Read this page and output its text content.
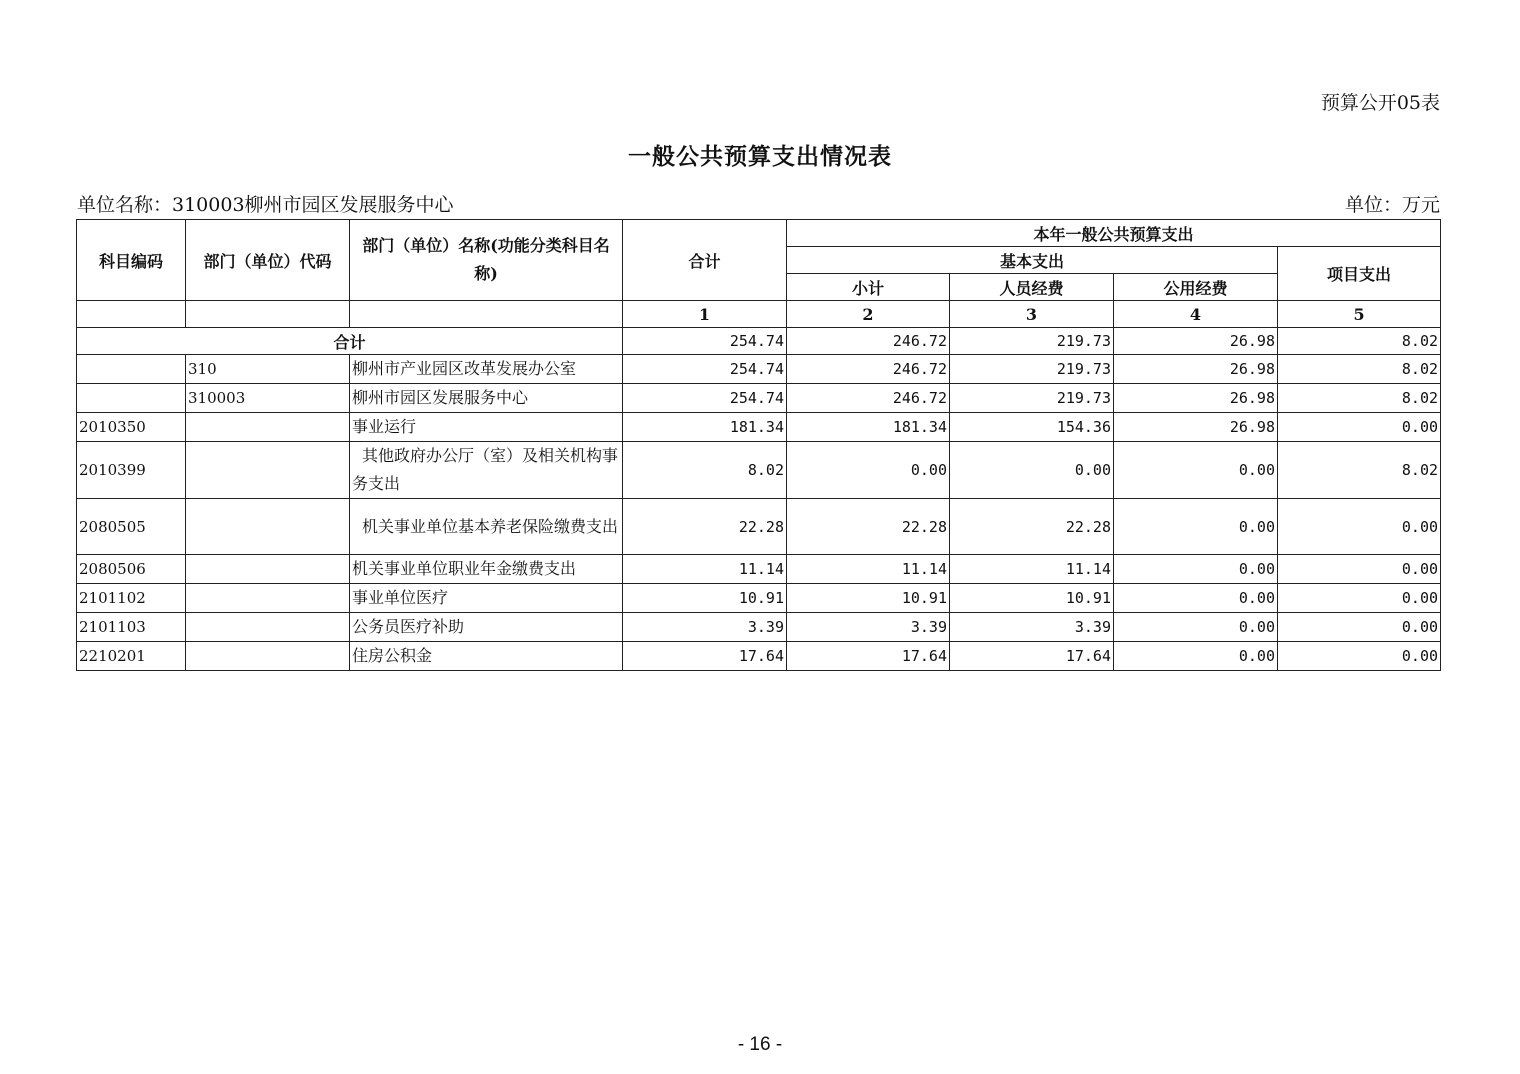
预算公开05表
一般公共预算支出情况表
单位名称：310003柳州市园区发展服务中心	单位：万元
科目编码	部门（单位）代码	部门（单位）名称(功能分类科目名称)	合计	本年一般公共预算支出			
				基本支出			项目支出
				小计	人员经费	公用经费	
			1	2	3	4	5
合计			254.74	246.72	219.73	26.98	8.02
	310	柳州市产业园区改革发展办公室	254.74	246.72	219.73	26.98	8.02
	310003	柳州市园区发展服务中心	254.74	246.72	219.73	26.98	8.02
2010350		事业运行	181.34	181.34	154.36	26.98	0.00
2010399		其他政府办公厅（室）及相关机构事务支出	8.02	0.00	0.00	0.00	8.02
2080505		机关事业单位基本养老保险缴费支出	22.28	22.28	22.28	0.00	0.00
2080506		机关事业单位职业年金缴费支出	11.14	11.14	11.14	0.00	0.00
2101102		事业单位医疗	10.91	10.91	10.91	0.00	0.00
2101103		公务员医疗补助	3.39	3.39	3.39	0.00	0.00
2210201		住房公积金	17.64	17.64	17.64	0.00	0.00
- 16 -
